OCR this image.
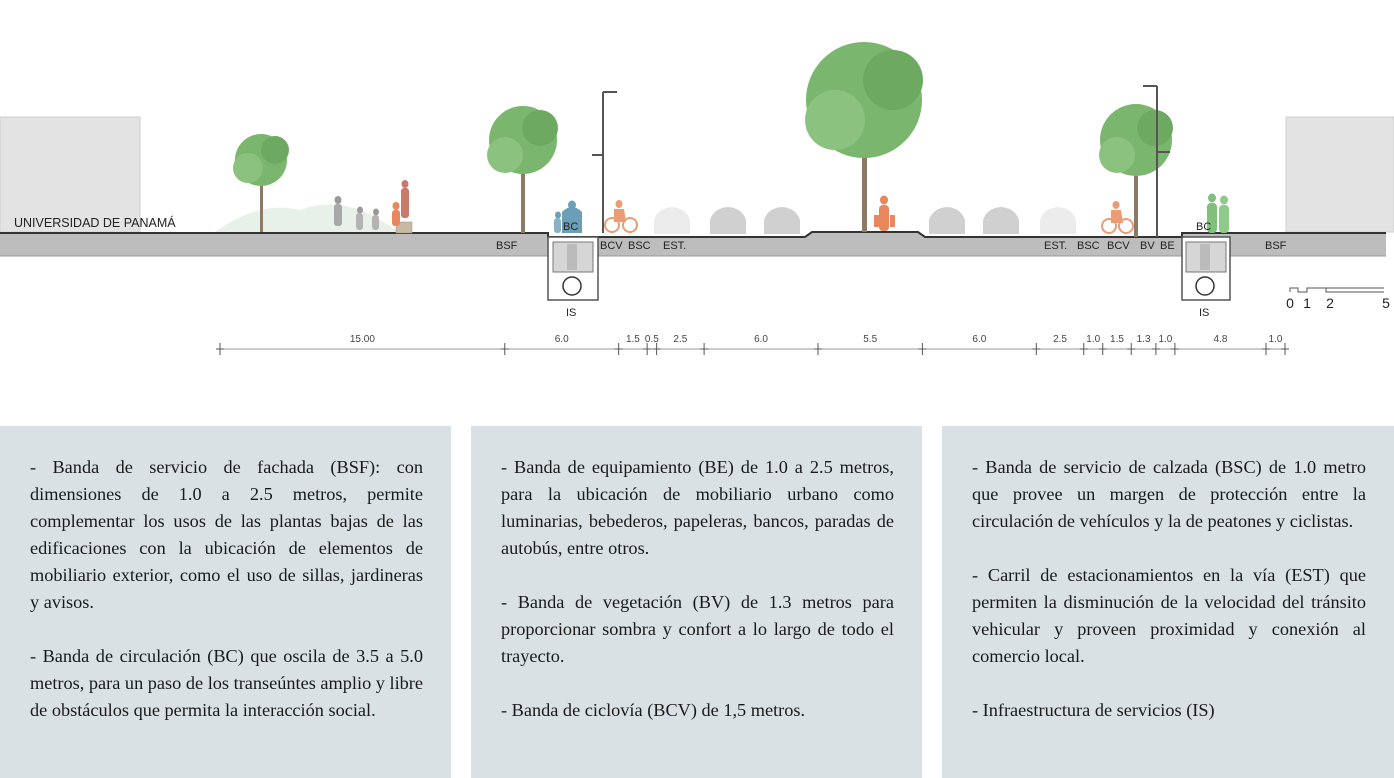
UNIVERSIDAD DE PANAMÁ	BC	BC
IS	IS
BSF	BCV BSC EST.	EST. BSC BCV BV BE	BSF
15.00	6.0	1.5 0.5 2.5	6.0	5.5	6.0	2.5 1.0 1.5 1.3 1.0	4.8	1.0
0 1 2	5

- Banda de servicio de fachada (BSF): con dimensiones de 1.0 a 2.5 metros, permite complementar los usos de las plantas bajas de las edificaciones con la ubicación de elementos de mobiliario exterior, como el uso de sillas, jardineras y avisos.

- Banda de circulación (BC) que oscila de 3.5 a 5.0 metros, para un paso de los transeúntes amplio y libre de obstáculos que permita la interacción social.

- Banda de equipamiento (BE) de 1.0 a 2.5 metros, para la ubicación de mobiliario urbano como luminarias, bebederos, papeleras, bancos, paradas de autobús, entre otros.

- Banda de vegetación (BV) de 1.3 metros para proporcionar sombra y confort a lo largo de todo el trayecto.

- Banda de ciclovía (BCV) de 1,5 metros.

- Banda de servicio de calzada (BSC) de 1.0 metro que provee un margen de protección entre la circulación de vehículos y la de peatones y ciclistas.

- Carril de estacionamientos en la vía (EST) que permiten la disminución de la velocidad del tránsito vehicular y proveen proximidad y conexión al comercio local.

- Infraestructura de servicios (IS)
